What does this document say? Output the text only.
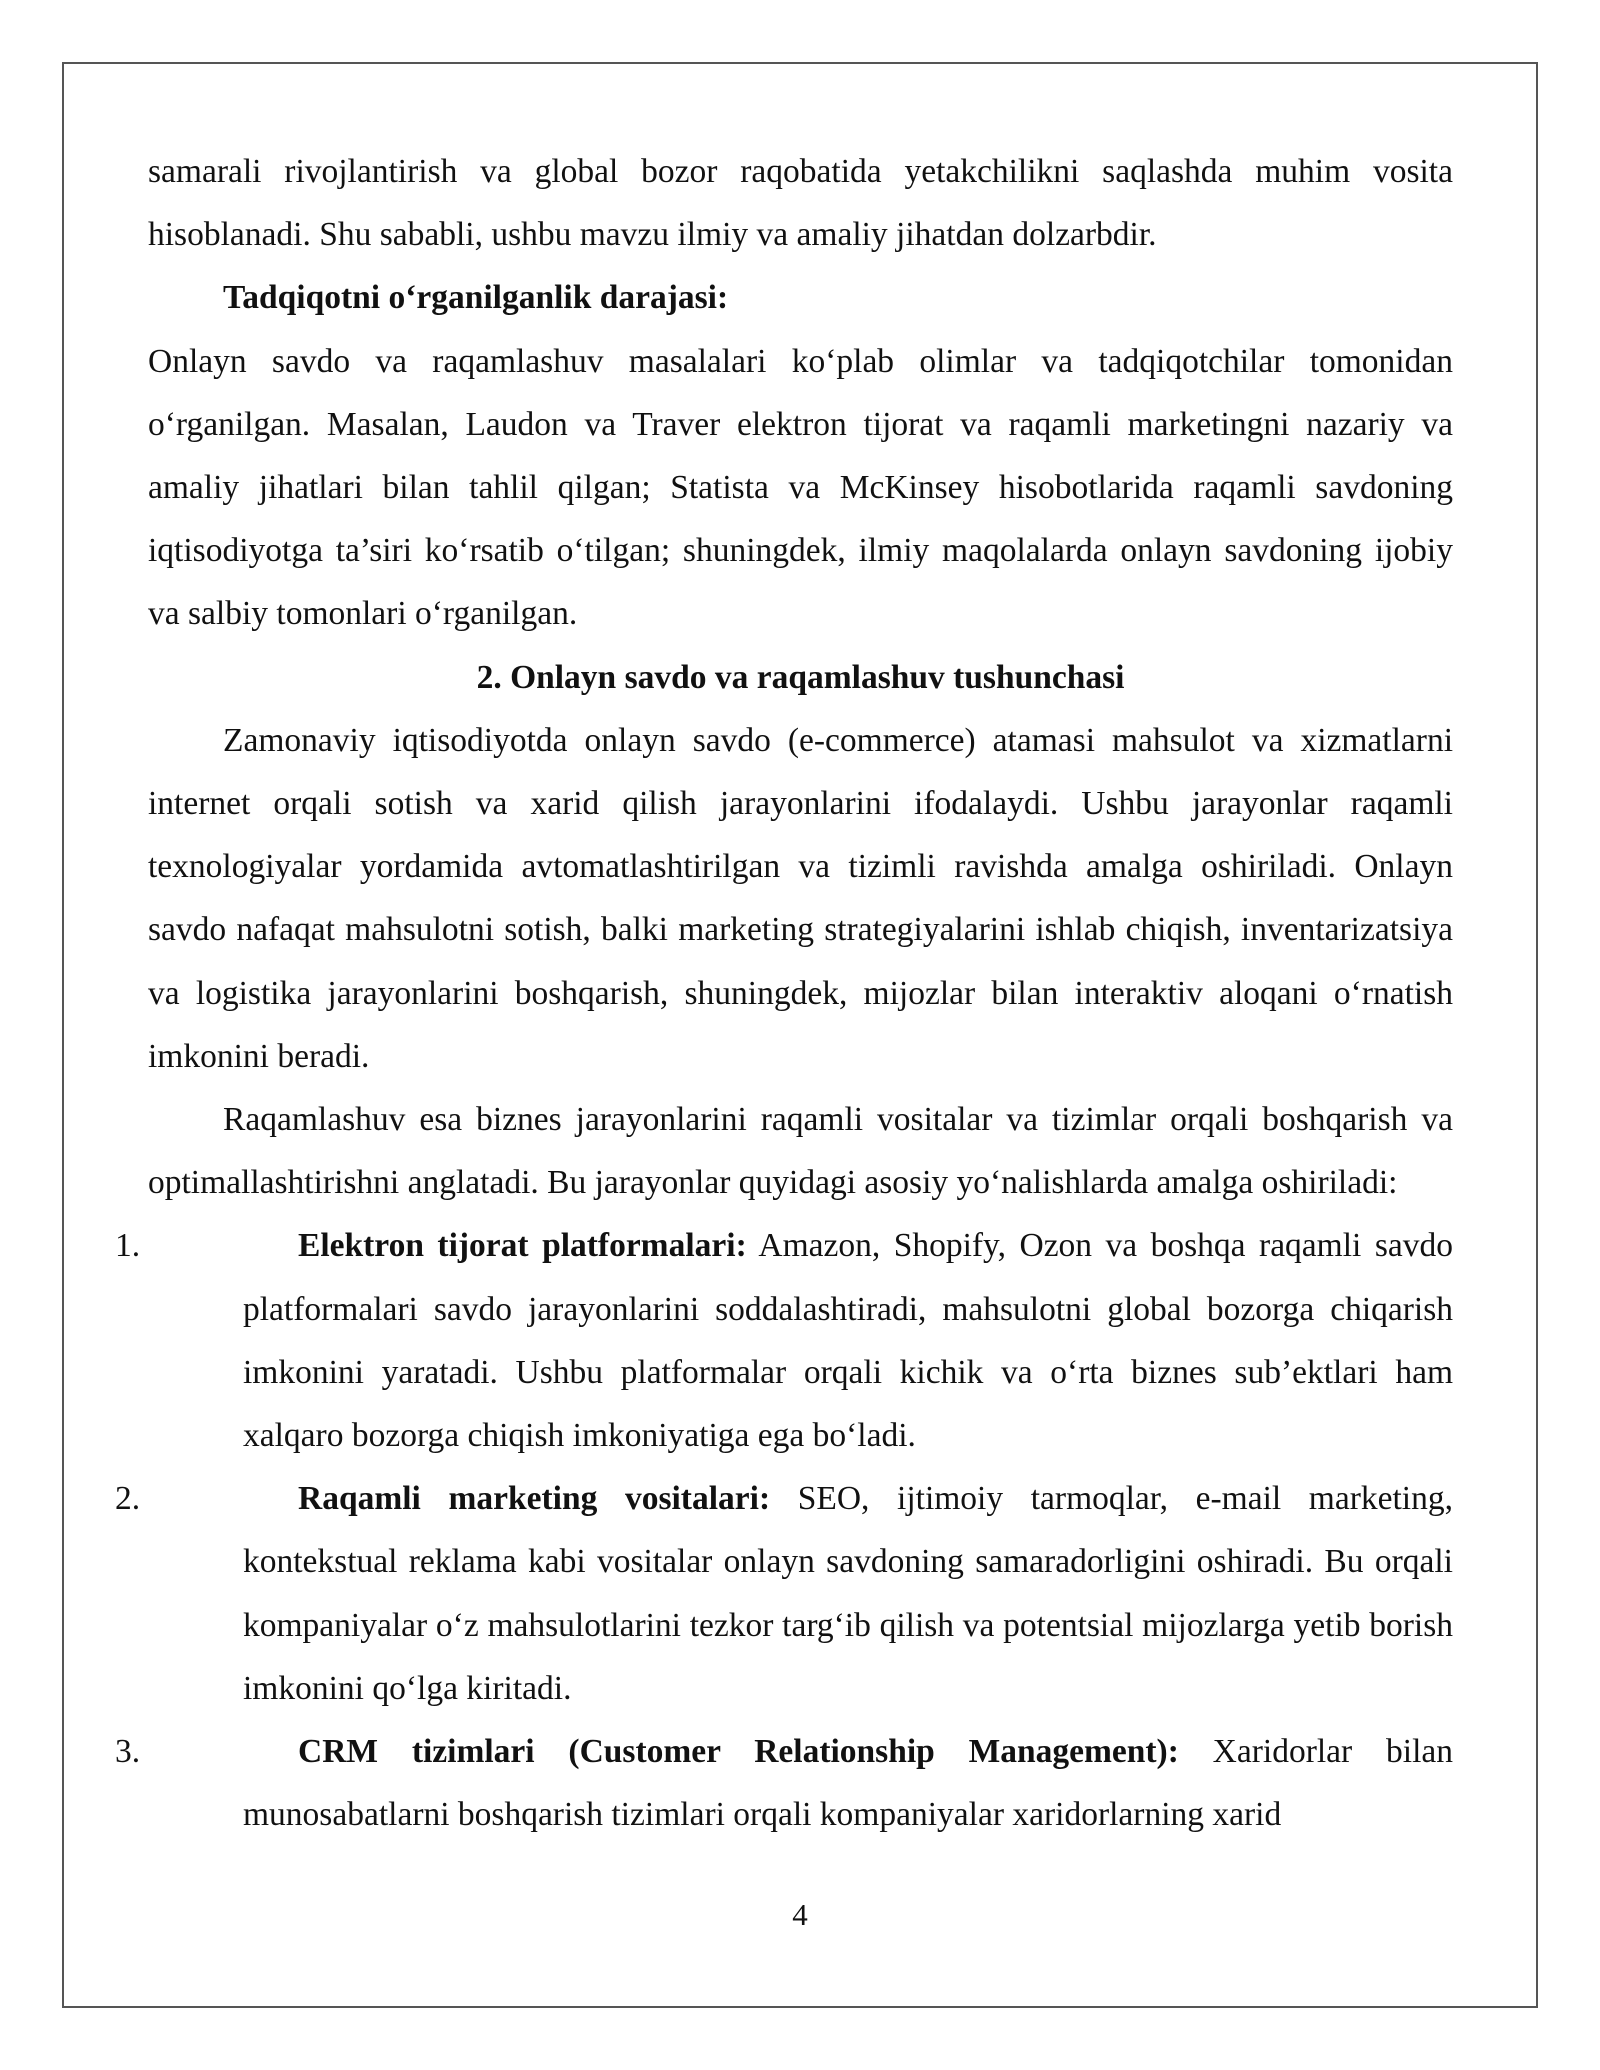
samarali rivojlantirish va global bozor raqobatida yetakchilikni saqlashda muhim vosita hisoblanadi. Shu sababli, ushbu mavzu ilmiy va amaliy jihatdan dolzarbdir.

Tadqiqotni o‘rganilganlik darajasi:

Onlayn savdo va raqamlashuv masalalari ko‘plab olimlar va tadqiqotchilar tomonidan o‘rganilgan. Masalan, Laudon va Traver elektron tijorat va raqamli marketingni nazariy va amaliy jihatlari bilan tahlil qilgan; Statista va McKinsey hisobotlarida raqamli savdoning iqtisodiyotga ta’siri ko‘rsatib o‘tilgan; shuningdek, ilmiy maqolalarda onlayn savdoning ijobiy va salbiy tomonlari o‘rganilgan.

2. Onlayn savdo va raqamlashuv tushunchasi

Zamonaviy iqtisodiyotda onlayn savdo (e-commerce) atamasi mahsulot va xizmatlarni internet orqali sotish va xarid qilish jarayonlarini ifodalaydi. Ushbu jarayonlar raqamli texnologiyalar yordamida avtomatlashtirilgan va tizimli ravishda amalga oshiriladi. Onlayn savdo nafaqat mahsulotni sotish, balki marketing strategiyalarini ishlab chiqish, inventarizatsiya va logistika jarayonlarini boshqarish, shuningdek, mijozlar bilan interaktiv aloqani o‘rnatish imkonini beradi.

Raqamlashuv esa biznes jarayonlarini raqamli vositalar va tizimlar orqali boshqarish va optimallashtirishni anglatadi. Bu jarayonlar quyidagi asosiy yo‘nalishlarda amalga oshiriladi:

1.	Elektron tijorat platformalari: Amazon, Shopify, Ozon va boshqa raqamli savdo platformalari savdo jarayonlarini soddalashtiradi, mahsulotni global bozorga chiqarish imkonini yaratadi. Ushbu platformalar orqali kichik va o‘rta biznes sub’ektlari ham xalqaro bozorga chiqish imkoniyatiga ega bo‘ladi.

2.	Raqamli marketing vositalari: SEO, ijtimoiy tarmoqlar, e-mail marketing, kontekstual reklama kabi vositalar onlayn savdoning samaradorligini oshiradi. Bu orqali kompaniyalar o‘z mahsulotlarini tezkor targ‘ib qilish va potentsial mijozlarga yetib borish imkonini qo‘lga kiritadi.

3.	CRM tizimlari (Customer Relationship Management): Xaridorlar bilan munosabatlarni boshqarish tizimlari orqali kompaniyalar xaridorlarning xarid

4
